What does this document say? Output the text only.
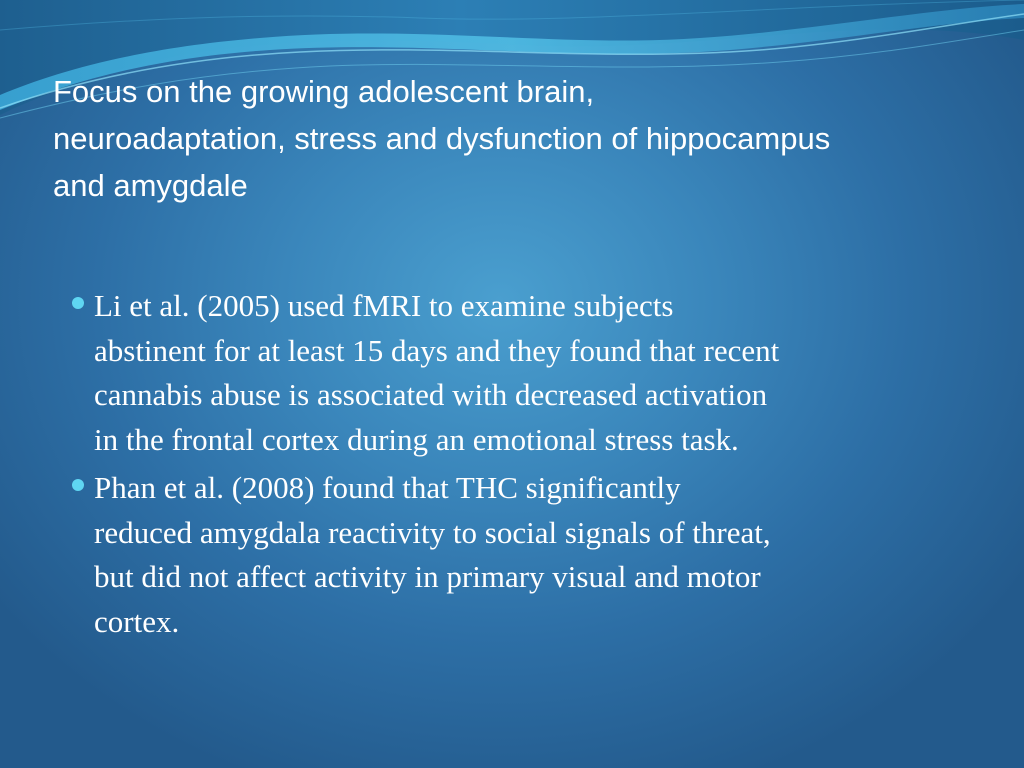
Focus on the growing adolescent brain,
neuroadaptation, stress and dysfunction of hippocampus
and amygdale
Li et al. (2005) used fMRI to examine subjects
abstinent for at least 15 days and they found that recent
cannabis abuse is associated with decreased activation
in the frontal cortex during an emotional stress task.
Phan et al. (2008) found that THC significantly
reduced amygdala reactivity to social signals of threat,
but did not affect activity in primary visual and motor
cortex.
